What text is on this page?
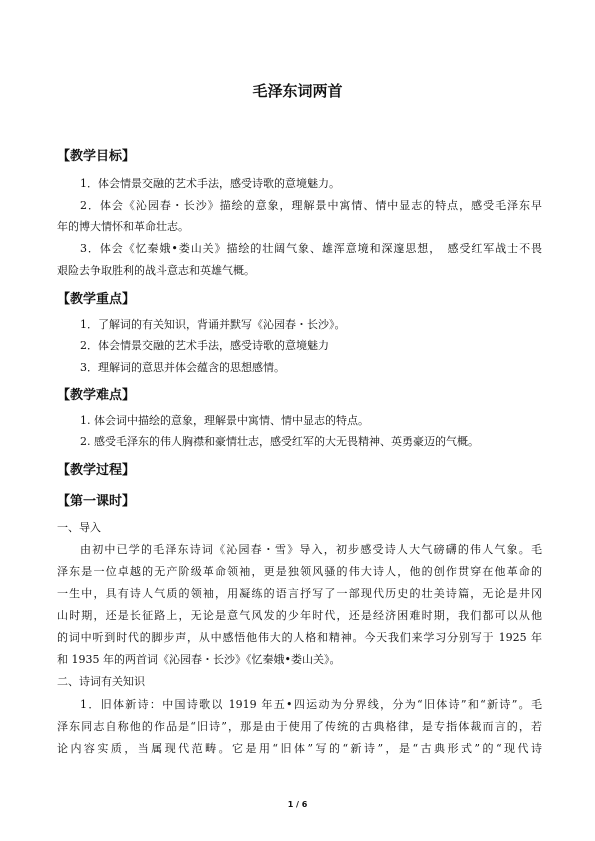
毛泽东词两首
【教学目标】
1．体会情景交融的艺术手法，感受诗歌的意境魅力。
2．体会《沁园春・长沙》描绘的意象，理解景中寓情、情中显志的特点，感受毛泽东早
年的博大情怀和革命壮志。
3．体会《忆秦娥•娄山关》描绘的壮阔气象、雄浑意境和深邃思想，　感受红军战士不畏
艰险去争取胜利的战斗意志和英雄气概。
【教学重点】
1．了解词的有关知识，背诵并默写《沁园春・长沙》。
2．体会情景交融的艺术手法，感受诗歌的意境魅力
3．理解词的意思并体会蕴含的思想感情。
【教学难点】
1. 体会词中描绘的意象，理解景中寓情、情中显志的特点。
2. 感受毛泽东的伟人胸襟和豪情壮志，感受红军的大无畏精神、英勇豪迈的气概。
【教学过程】
【第一课时】
一、导入
由初中已学的毛泽东诗词《沁园春・雪》导入，初步感受诗人大气磅礴的伟人气象。毛
泽东是一位卓越的无产阶级革命领袖，更是独领风骚的伟大诗人，他的创作贯穿在他革命的
一生中，具有诗人气质的领袖，用凝练的语言抒写了一部现代历史的壮美诗篇，无论是井冈
山时期，还是长征路上，无论是意气风发的少年时代，还是经济困难时期，我们都可以从他
的词中听到时代的脚步声，从中感悟他伟大的人格和精神。今天我们来学习分别写于 1925 年
和 1935 年的两首词《沁园春・长沙》《忆秦娥•娄山关》。
二、诗词有关知识
1．旧体新诗：中国诗歌以 1919 年五•四运动为分界线，分为“旧体诗”和“新诗”。毛
泽东同志自称他的作品是“旧诗”，那是由于使用了传统的古典格律，是专指体裁而言的，若
论内容实质，当属现代范畴。它是用“旧体”写的“新诗”，是“古典形式”的“现代诗
1 / 6
